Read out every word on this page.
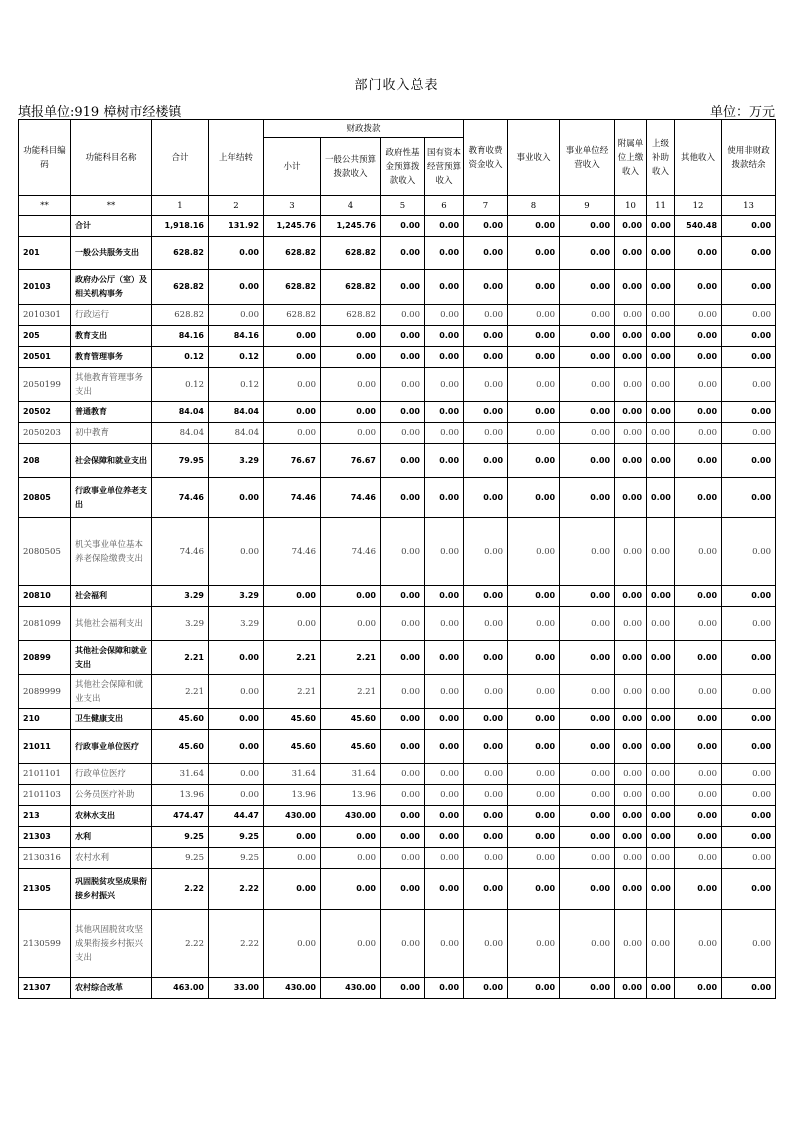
部门收入总表
填报单位:919 樟树市经楼镇	单位：万元
功能科目编码	功能科目名称	合计	上年结转	财政拨款				教育收费资金收入	事业收入	事业单位经营收入	附属单位上缴收入	上级补助收入	其他收入	使用非财政拨款结余
				小计	一般公共预算拨款收入	政府性基金预算拨款收入	国有资本经营预算收入							
**	**	1	2	3	4	5	6	7	8	9	10	11	12	13
	合计	1,918.16	131.92	1,245.76	1,245.76	0.00	0.00	0.00	0.00	0.00	0.00	0.00	540.48	0.00
201	一般公共服务支出	628.82	0.00	628.82	628.82	0.00	0.00	0.00	0.00	0.00	0.00	0.00	0.00	0.00
20103	政府办公厅（室）及相关机构事务	628.82	0.00	628.82	628.82	0.00	0.00	0.00	0.00	0.00	0.00	0.00	0.00	0.00
2010301	行政运行	628.82	0.00	628.82	628.82	0.00	0.00	0.00	0.00	0.00	0.00	0.00	0.00	0.00
205	教育支出	84.16	84.16	0.00	0.00	0.00	0.00	0.00	0.00	0.00	0.00	0.00	0.00	0.00
20501	教育管理事务	0.12	0.12	0.00	0.00	0.00	0.00	0.00	0.00	0.00	0.00	0.00	0.00	0.00
2050199	其他教育管理事务支出	0.12	0.12	0.00	0.00	0.00	0.00	0.00	0.00	0.00	0.00	0.00	0.00	0.00
20502	普通教育	84.04	84.04	0.00	0.00	0.00	0.00	0.00	0.00	0.00	0.00	0.00	0.00	0.00
2050203	初中教育	84.04	84.04	0.00	0.00	0.00	0.00	0.00	0.00	0.00	0.00	0.00	0.00	0.00
208	社会保障和就业支出	79.95	3.29	76.67	76.67	0.00	0.00	0.00	0.00	0.00	0.00	0.00	0.00	0.00
20805	行政事业单位养老支出	74.46	0.00	74.46	74.46	0.00	0.00	0.00	0.00	0.00	0.00	0.00	0.00	0.00
2080505	机关事业单位基本养老保险缴费支出	74.46	0.00	74.46	74.46	0.00	0.00	0.00	0.00	0.00	0.00	0.00	0.00	0.00
20810	社会福利	3.29	3.29	0.00	0.00	0.00	0.00	0.00	0.00	0.00	0.00	0.00	0.00	0.00
2081099	其他社会福利支出	3.29	3.29	0.00	0.00	0.00	0.00	0.00	0.00	0.00	0.00	0.00	0.00	0.00
20899	其他社会保障和就业支出	2.21	0.00	2.21	2.21	0.00	0.00	0.00	0.00	0.00	0.00	0.00	0.00	0.00
2089999	其他社会保障和就业支出	2.21	0.00	2.21	2.21	0.00	0.00	0.00	0.00	0.00	0.00	0.00	0.00	0.00
210	卫生健康支出	45.60	0.00	45.60	45.60	0.00	0.00	0.00	0.00	0.00	0.00	0.00	0.00	0.00
21011	行政事业单位医疗	45.60	0.00	45.60	45.60	0.00	0.00	0.00	0.00	0.00	0.00	0.00	0.00	0.00
2101101	行政单位医疗	31.64	0.00	31.64	31.64	0.00	0.00	0.00	0.00	0.00	0.00	0.00	0.00	0.00
2101103	公务员医疗补助	13.96	0.00	13.96	13.96	0.00	0.00	0.00	0.00	0.00	0.00	0.00	0.00	0.00
213	农林水支出	474.47	44.47	430.00	430.00	0.00	0.00	0.00	0.00	0.00	0.00	0.00	0.00	0.00
21303	水利	9.25	9.25	0.00	0.00	0.00	0.00	0.00	0.00	0.00	0.00	0.00	0.00	0.00
2130316	农村水利	9.25	9.25	0.00	0.00	0.00	0.00	0.00	0.00	0.00	0.00	0.00	0.00	0.00
21305	巩固脱贫攻坚成果衔接乡村振兴	2.22	2.22	0.00	0.00	0.00	0.00	0.00	0.00	0.00	0.00	0.00	0.00	0.00
2130599	其他巩固脱贫攻坚成果衔接乡村振兴支出	2.22	2.22	0.00	0.00	0.00	0.00	0.00	0.00	0.00	0.00	0.00	0.00	0.00
21307	农村综合改革	463.00	33.00	430.00	430.00	0.00	0.00	0.00	0.00	0.00	0.00	0.00	0.00	0.00
